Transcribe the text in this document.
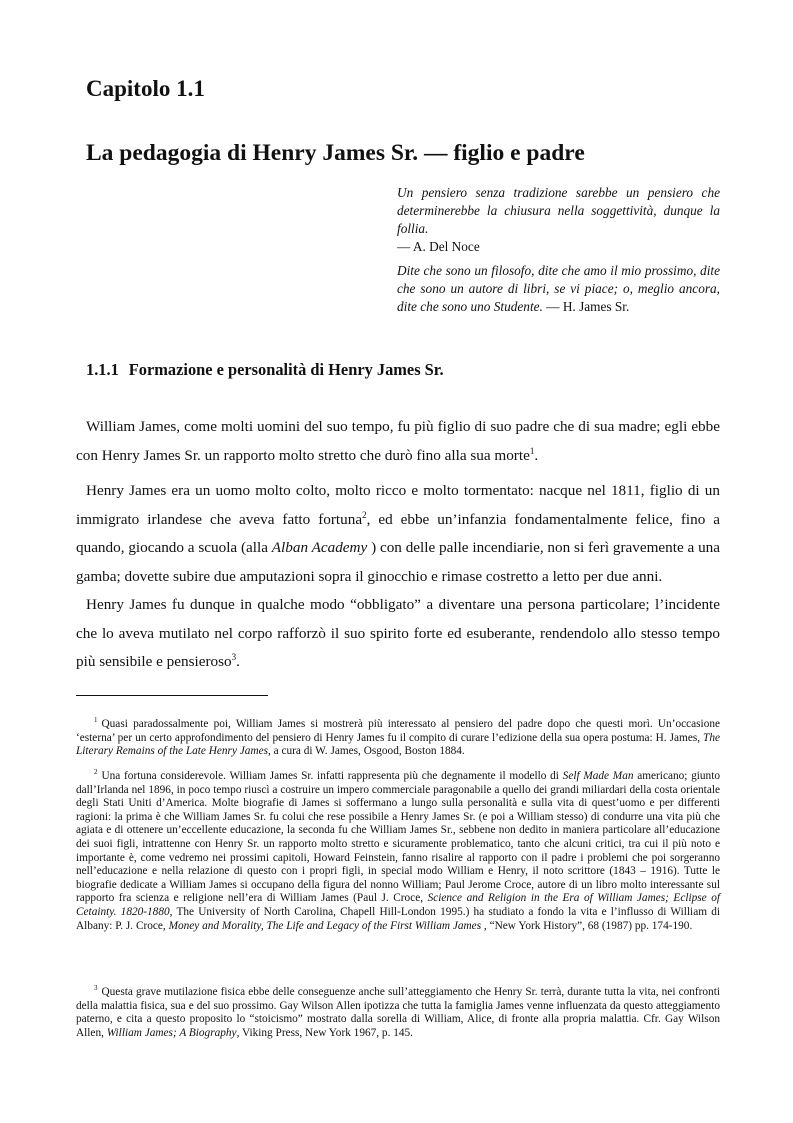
Capitolo 1.1
La pedagogia di Henry James Sr. — figlio e padre
Un pensiero senza tradizione sarebbe un pensiero che determinerebbe la chiusura nella soggettività, dunque la follia.
— A. Del Noce
Dite che sono un filosofo, dite che amo il mio prossimo, dite che sono un autore di libri, se vi piace; o, meglio ancora, dite che sono uno Studente. — H. James Sr.
1.1.1 Formazione e personalità di Henry James Sr.

William James, come molti uomini del suo tempo, fu più figlio di suo padre che di sua madre; egli ebbe con Henry James Sr. un rapporto molto stretto che durò fino alla sua morte$^1$.

Henry James era un uomo molto colto, molto ricco e molto tormentato: nacque nel 1811, figlio di un immigrato irlandese che aveva fatto fortuna$^2$, ed ebbe un’infanzia fondamentalmente felice, fino a quando, giocando a scuola (alla Alban Academy ) con delle palle incendiarie, non si ferì gravemente a una gamba; dovette subire due amputazioni sopra il ginocchio e rimase costretto a letto per due anni.

Henry James fu dunque in qualche modo “obbligato” a diventare una persona particolare; l’incidente che lo aveva mutilato nel corpo rafforzò il suo spirito forte ed esuberante, rendendolo allo stesso tempo più sensibile e pensieroso$^3$.

$^1$ Quasi paradossalmente poi, William James si mostrerà più interessato al pensiero del padre dopo che questi morì. Un’occasione ‘esterna’ per un certo approfondimento del pensiero di Henry James fu il compito di curare l’edizione della sua opera postuma: H. James, The Literary Remains of the Late Henry James, a cura di W. James, Osgood, Boston 1884.

$^2$ Una fortuna considerevole. William James Sr. infatti rappresenta più che degnamente il modello di Self Made Man americano; giunto dall’Irlanda nel 1896, in poco tempo riuscì a costruire un impero commerciale paragonabile a quello dei grandi miliardari della costa orientale degli Stati Uniti d’America. Molte biografie di James si soffermano a lungo sulla personalità e sulla vita di quest’uomo e per differenti ragioni: la prima è che William James Sr. fu colui che rese possibile a Henry James Sr. (e poi a William stesso) di condurre una vita più che agiata e di ottenere un’eccellente educazione, la seconda fu che William James Sr., sebbene non dedito in maniera particolare all’educazione dei suoi figli, intrattenne con Henry Sr. un rapporto molto stretto e sicuramente problematico, tanto che alcuni critici, tra cui il più noto e importante è, come vedremo nei prossimi capitoli, Howard Feinstein, fanno risalire al rapporto con il padre i problemi che poi sorgeranno nell’educazione e nella relazione di questo con i propri figli, in special modo William e Henry, il noto scrittore (1843 – 1916). Tutte le biografie dedicate a William James si occupano della figura del nonno William; Paul Jerome Croce, autore di un libro molto interessante sul rapporto fra scienza e religione nell’era di William James (Paul J. Croce, Science and Religion in the Era of William James; Eclipse of Cetainty. 1820-1880, The University of North Carolina, Chapell Hill-London 1995.) ha studiato a fondo la vita e l’influsso di William di Albany: P. J. Croce, Money and Morality, The Life and Legacy of the First William James , “New York History”, 68 (1987) pp. 174-190.

$^3$ Questa grave mutilazione fisica ebbe delle conseguenze anche sull’atteggiamento che Henry Sr. terrà, durante tutta la vita, nei confronti della malattia fisica, sua e del suo prossimo. Gay Wilson Allen ipotizza che tutta la famiglia James venne influenzata da questo atteggiamento paterno, e cita a questo proposito lo “stoicismo” mostrato dalla sorella di William, Alice, di fronte alla propria malattia. Cfr. Gay Wilson Allen, William James; A Biography, Viking Press, New York 1967, p. 145.
